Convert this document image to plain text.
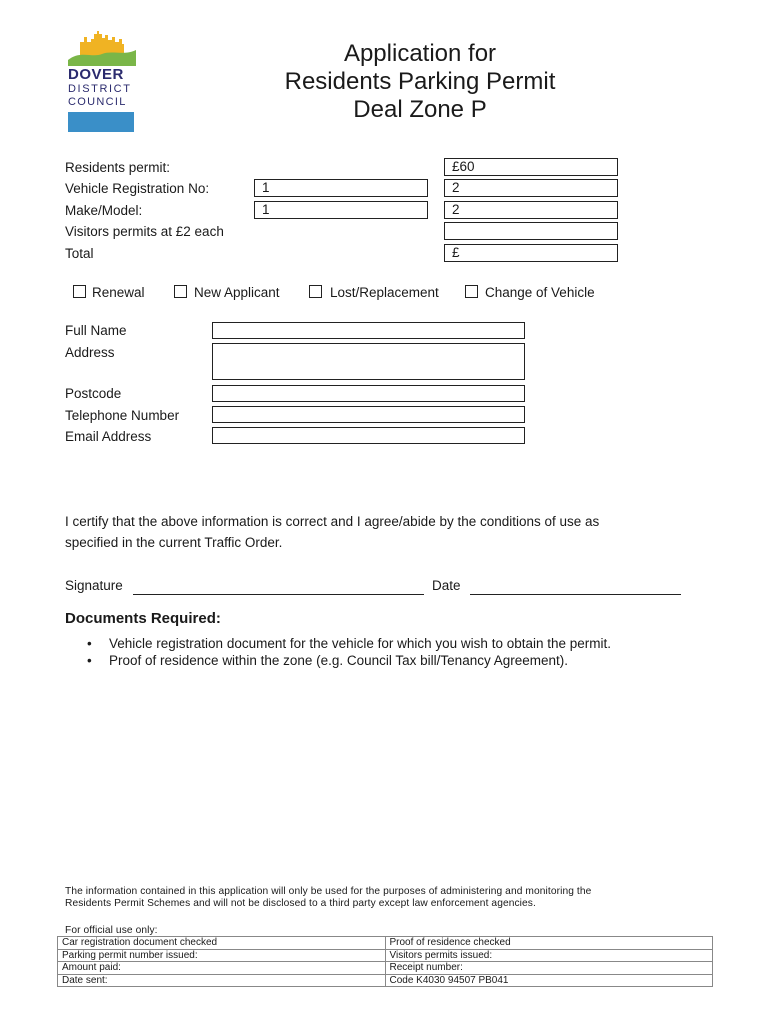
DOVER
DISTRICT
COUNCIL
Application for
Residents Parking Permit
Deal Zone P
Residents permit:	£60
Vehicle Registration No:	1	2
Make/Model:	1	2
Visitors permits at £2 each
Total	£
Renewal	New Applicant	Lost/Replacement	Change of Vehicle
Full Name
Address
Postcode
Telephone Number
Email Address
I certify that the above information is correct and I agree/abide by the conditions of use as
specified in the current Traffic Order.
Signature	Date
Documents Required:
• Vehicle registration document for the vehicle for which you wish to obtain the permit.
• Proof of residence within the zone (e.g. Council Tax bill/Tenancy Agreement).
The information contained in this application will only be used for the purposes of administering and monitoring the
Residents Permit Schemes and will not be disclosed to a third party except law enforcement agencies.
For official use only:
Car registration document checked	Proof of residence checked
Parking permit number issued:	Visitors permits issued:
Amount paid:	Receipt number:
Date sent:	Code K4030 94507 PB041
